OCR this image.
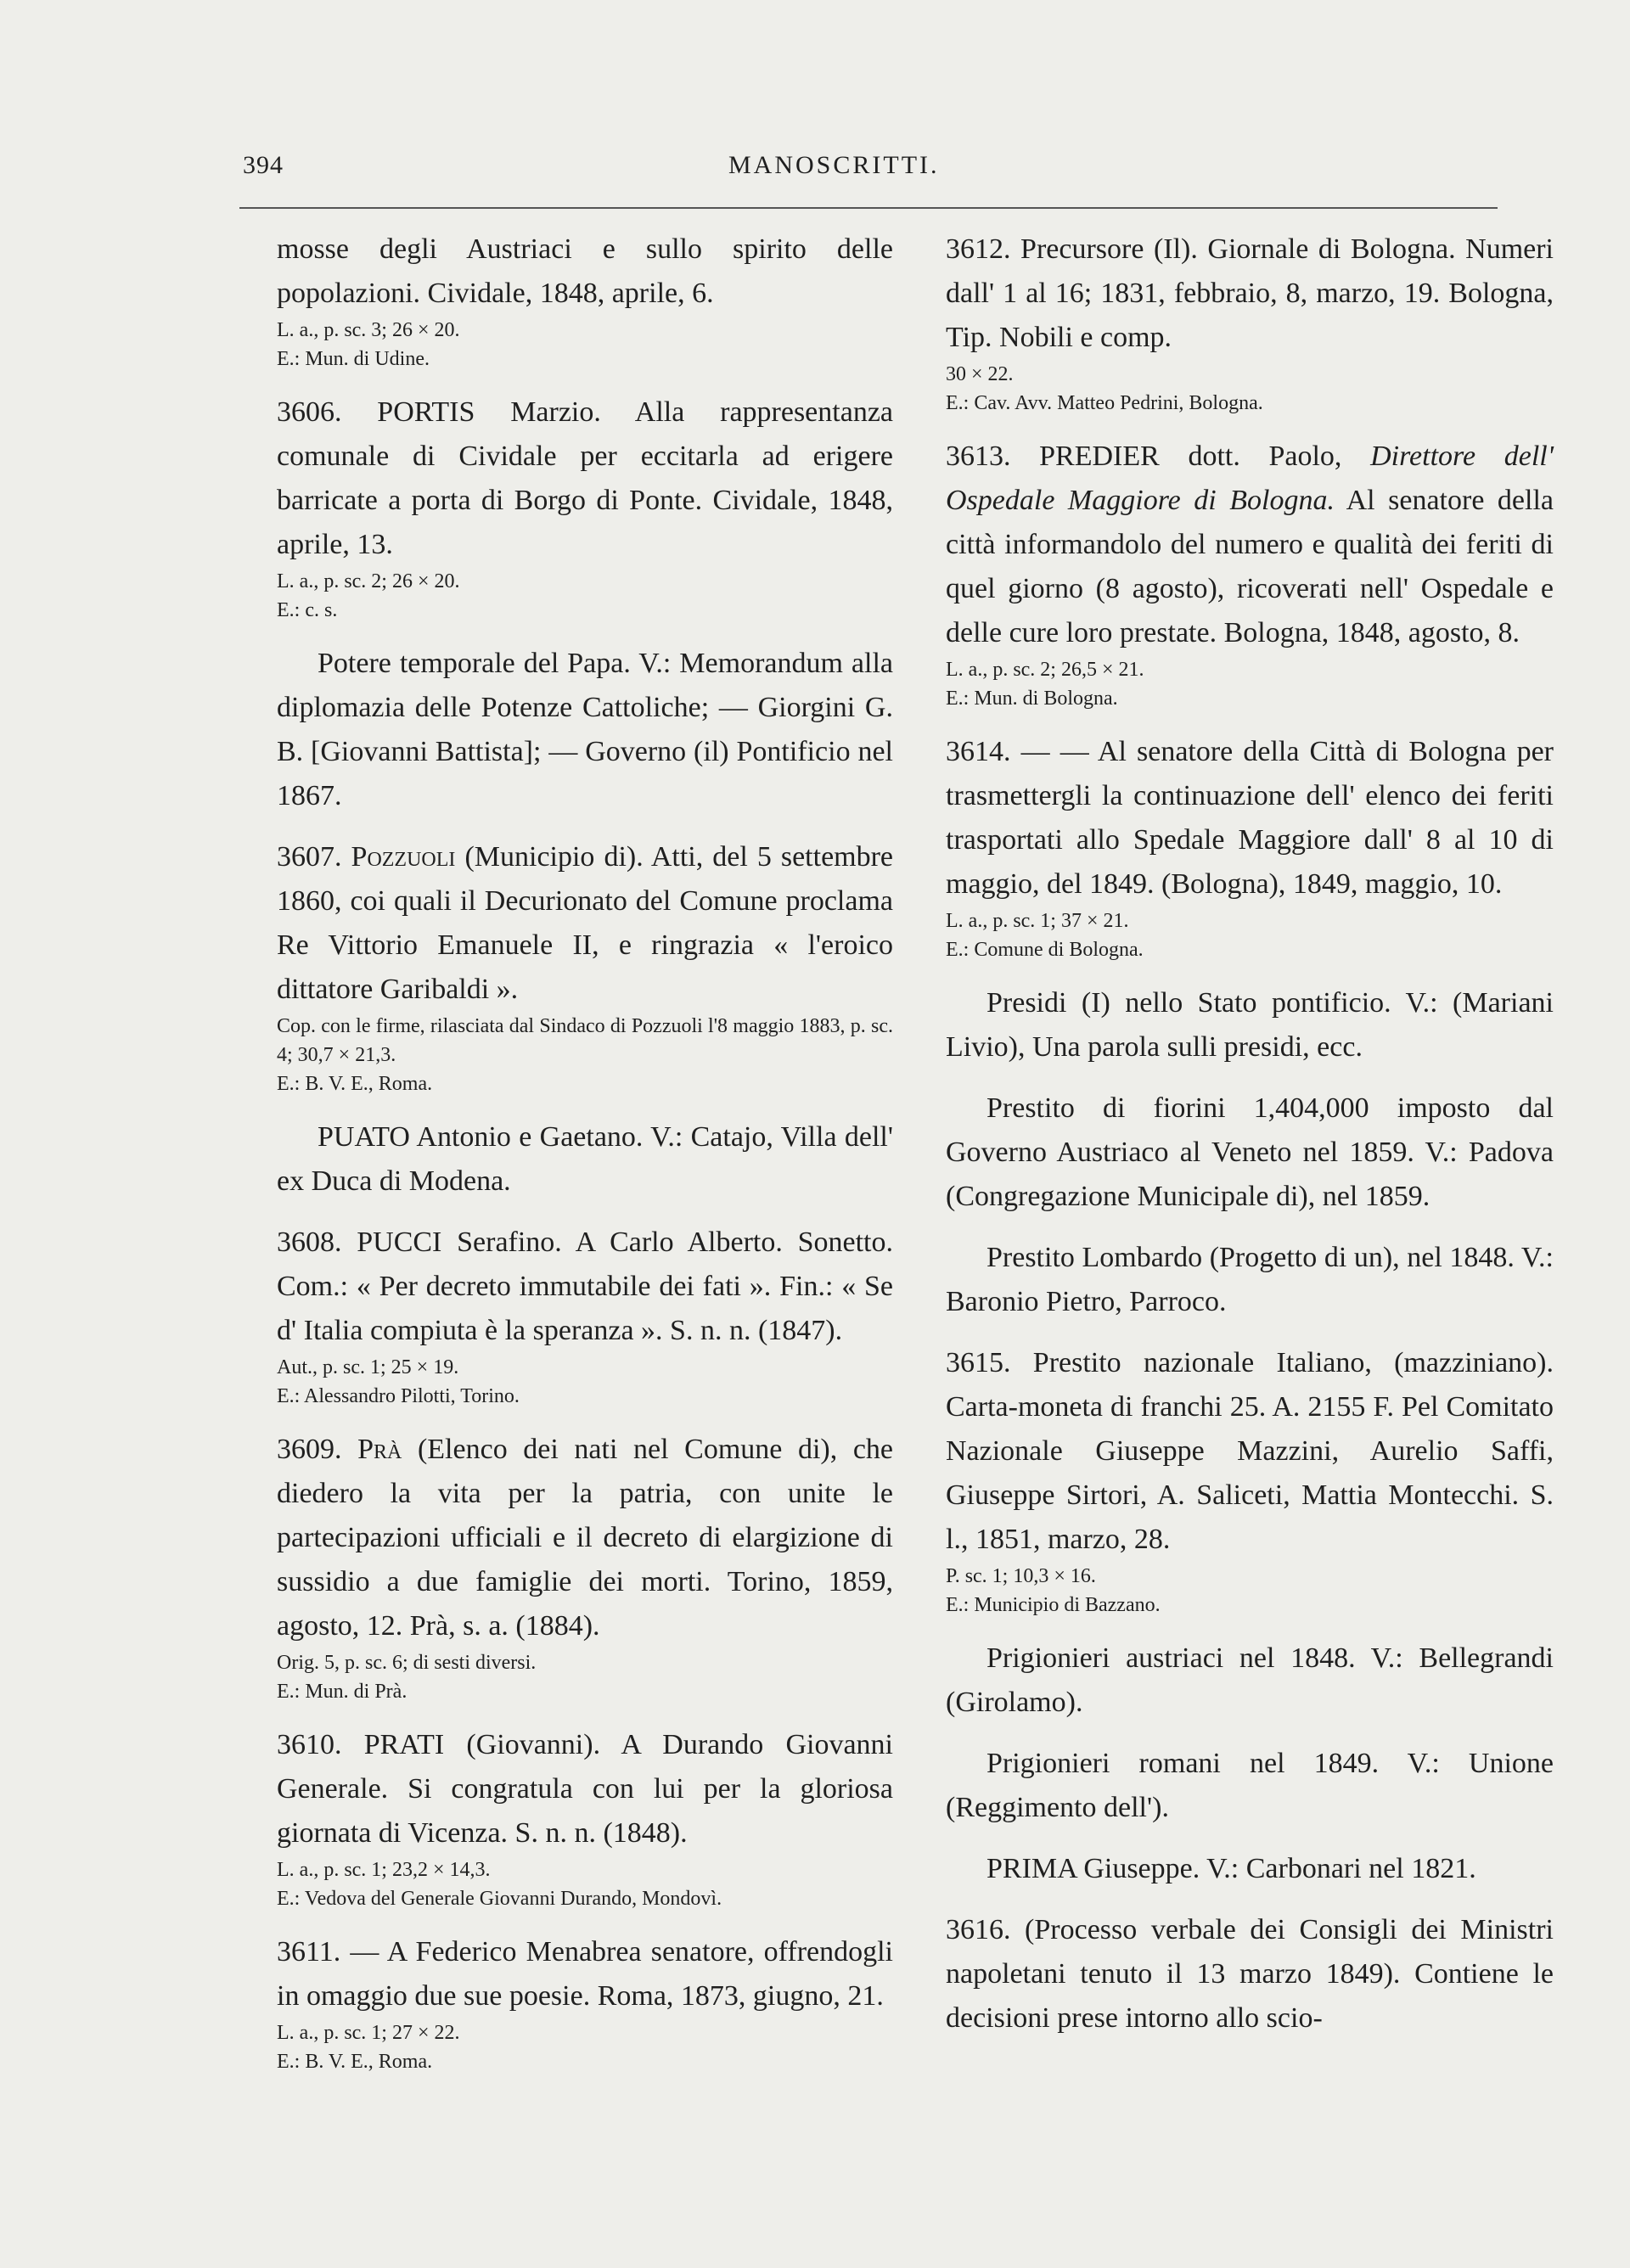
394	MANOSCRITTI.

mosse degli Austriaci e sullo spirito delle popolazioni. Cividale, 1848, aprile, 6.

L. a., p. sc. 3; 26 × 20.

E.: Mun. di Udine.

3606. PORTIS Marzio. Alla rappresentanza comunale di Cividale per eccitarla ad erigere barricate a porta di Borgo di Ponte. Cividale, 1848, aprile, 13.

L. a., p. sc. 2; 26 × 20.

E.: c. s.

Potere temporale del Papa. V.: Memorandum alla diplomazia delle Potenze Cattoliche; — Giorgini G. B. [Giovanni Battista]; — Governo (il) Pontificio nel 1867.

3607. Pozzuoli (Municipio di). Atti, del 5 settembre 1860, coi quali il Decurionato del Comune proclama Re Vittorio Emanuele II, e ringrazia « l'eroico dittatore Garibaldi ».

Cop. con le firme, rilasciata dal Sindaco di Pozzuoli l'8 maggio 1883, p. sc. 4; 30,7 × 21,3.

E.: B. V. E., Roma.

PUATO Antonio e Gaetano. V.: Catajo, Villa dell' ex Duca di Modena.

3608. PUCCI Serafino. A Carlo Alberto. Sonetto. Com.: « Per decreto immutabile dei fati ». Fin.: « Se d' Italia compiuta è la speranza ». S. n. n. (1847).

Aut., p. sc. 1; 25 × 19.

E.: Alessandro Pilotti, Torino.

3609. Prà (Elenco dei nati nel Comune di), che diedero la vita per la patria, con unite le partecipazioni ufficiali e il decreto di elargizione di sussidio a due famiglie dei morti. Torino, 1859, agosto, 12. Prà, s. a. (1884).

Orig. 5, p. sc. 6; di sesti diversi.

E.: Mun. di Prà.

3610. PRATI (Giovanni). A Durando Giovanni Generale. Si congratula con lui per la gloriosa giornata di Vicenza. S. n. n. (1848).

L. a., p. sc. 1; 23,2 × 14,3.

E.: Vedova del Generale Giovanni Durando, Mondovì.

3611. — A Federico Menabrea senatore, offrendogli in omaggio due sue poesie. Roma, 1873, giugno, 21.

L. a., p. sc. 1; 27 × 22.

E.: B. V. E., Roma.

3612. Precursore (Il). Giornale di Bologna. Numeri dall' 1 al 16; 1831, febbraio, 8, marzo, 19. Bologna, Tip. Nobili e comp.

30 × 22.

E.: Cav. Avv. Matteo Pedrini, Bologna.

3613. PREDIER dott. Paolo, Direttore dell' Ospedale Maggiore di Bologna. Al senatore della città informandolo del numero e qualità dei feriti di quel giorno (8 agosto), ricoverati nell' Ospedale e delle cure loro prestate. Bologna, 1848, agosto, 8.

L. a., p. sc. 2; 26,5 × 21.

E.: Mun. di Bologna.

3614. — — Al senatore della Città di Bologna per trasmettergli la continuazione dell' elenco dei feriti trasportati allo Spedale Maggiore dall' 8 al 10 di maggio, del 1849. (Bologna), 1849, maggio, 10.

L. a., p. sc. 1; 37 × 21.

E.: Comune di Bologna.

Presidi (I) nello Stato pontificio. V.: (Mariani Livio), Una parola sulli presidi, ecc.

Prestito di fiorini 1,404,000 imposto dal Governo Austriaco al Veneto nel 1859. V.: Padova (Congregazione Municipale di), nel 1859.

Prestito Lombardo (Progetto di un), nel 1848. V.: Baronio Pietro, Parroco.

3615. Prestito nazionale Italiano, (mazziniano). Carta-moneta di franchi 25. A. 2155 F. Pel Comitato Nazionale Giuseppe Mazzini, Aurelio Saffi, Giuseppe Sirtori, A. Saliceti, Mattia Montecchi. S. l., 1851, marzo, 28.

P. sc. 1; 10,3 × 16.

E.: Municipio di Bazzano.

Prigionieri austriaci nel 1848. V.: Bellegrandi (Girolamo).

Prigionieri romani nel 1849. V.: Unione (Reggimento dell').

PRIMA Giuseppe. V.: Carbonari nel 1821.

3616. (Processo verbale dei Consigli dei Ministri napoletani tenuto il 13 marzo 1849). Contiene le decisioni prese intorno allo scio-
